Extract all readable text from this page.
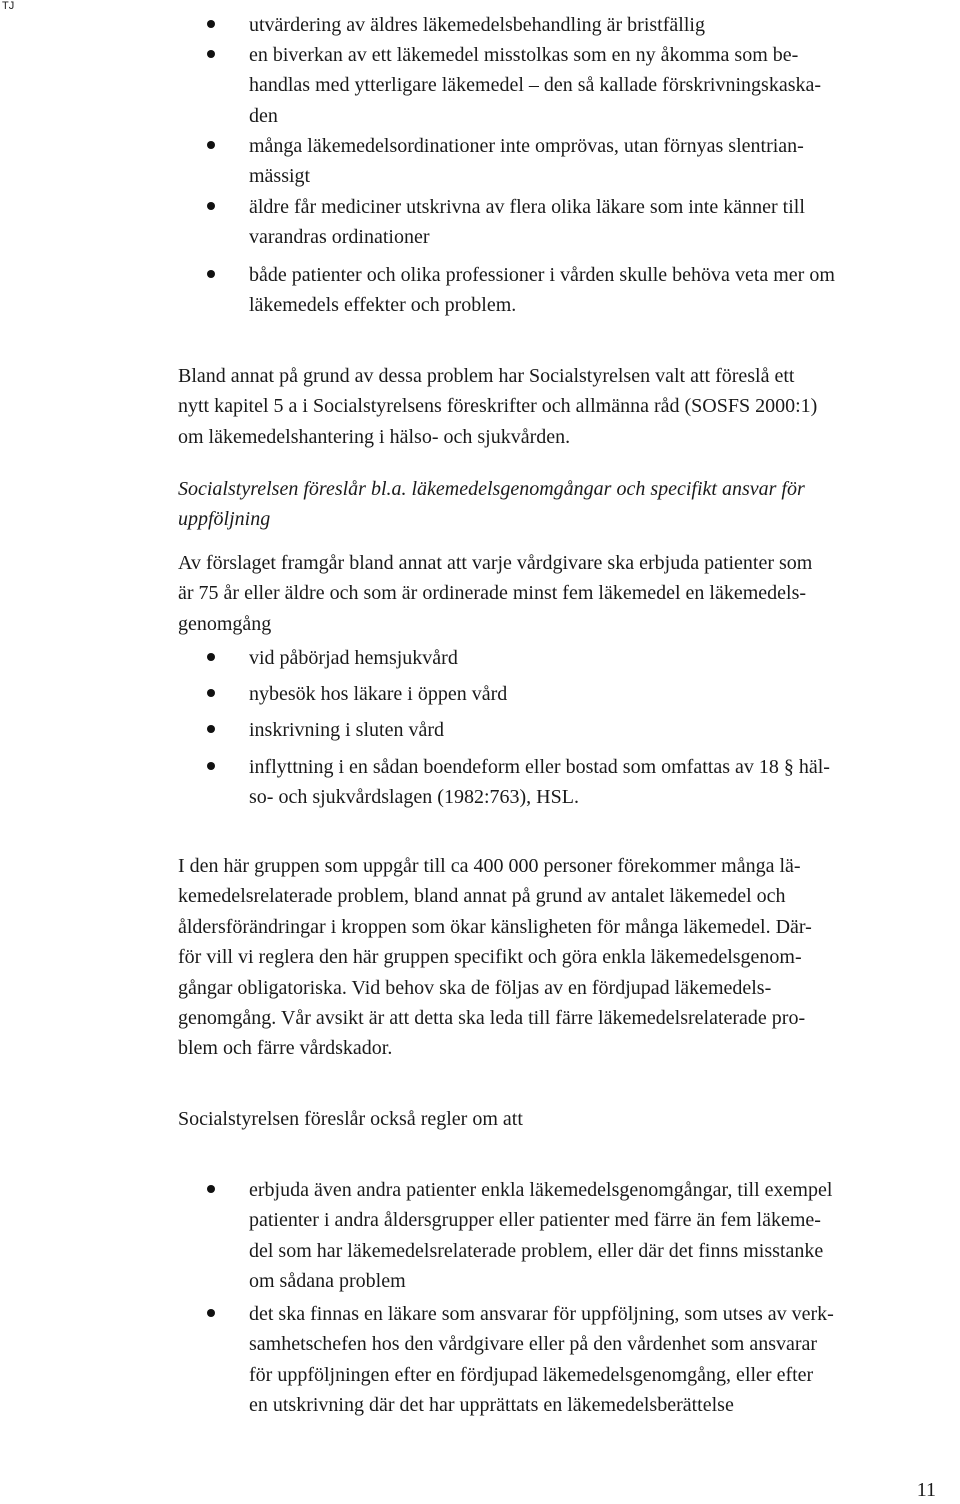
TJ
utvärdering av äldres läkemedelsbehandling är bristfällig
en biverkan av ett läkemedel misstolkas som en ny åkomma som be-
handlas med ytterligare läkemedel – den så kallade förskrivningskaska-
den
många läkemedelsordinationer inte omprövas, utan förnyas slentrian-
mässigt
äldre får mediciner utskrivna av flera olika läkare som inte känner till
varandras ordinationer
både patienter och olika professioner i vården skulle behöva veta mer om
läkemedels effekter och problem.
Bland annat på grund av dessa problem har Socialstyrelsen valt att föreslå ett
nytt kapitel 5 a i Socialstyrelsens föreskrifter och allmänna råd (SOSFS 2000:1)
om läkemedelshantering i hälso- och sjukvården.
Socialstyrelsen föreslår bl.a. läkemedelsgenomgångar och specifikt ansvar för
uppföljning
Av förslaget framgår bland annat att varje vårdgivare ska erbjuda patienter som
är 75 år eller äldre och som är ordinerade minst fem läkemedel en läkemedels-
genomgång
vid påbörjad hemsjukvård
nybesök hos läkare i öppen vård
inskrivning i sluten vård
inflyttning i en sådan boendeform eller bostad som omfattas av 18 § häl-
so- och sjukvårdslagen (1982:763), HSL.
I den här gruppen som uppgår till ca 400 000 personer förekommer många lä-
kemedelsrelaterade problem, bland annat på grund av antalet läkemedel och
åldersförändringar i kroppen som ökar känsligheten för många läkemedel. Där-
för vill vi reglera den här gruppen specifikt och göra enkla läkemedelsgenom-
gångar obligatoriska. Vid behov ska de följas av en fördjupad läkemedels-
genomgång. Vår avsikt är att detta ska leda till färre läkemedelsrelaterade pro-
blem och färre vårdskador.
Socialstyrelsen föreslår också regler om att
erbjuda även andra patienter enkla läkemedelsgenomgångar, till exempel
patienter i andra åldersgrupper eller patienter med färre än fem läkeme-
del som har läkemedelsrelaterade problem, eller där det finns misstanke
om sådana problem
det ska finnas en läkare som ansvarar för uppföljning, som utses av verk-
samhetschefen hos den vårdgivare eller på den vårdenhet som ansvarar
för uppföljningen efter en fördjupad läkemedelsgenomgång, eller efter
en utskrivning där det har upprättats en läkemedelsberättelse
11
